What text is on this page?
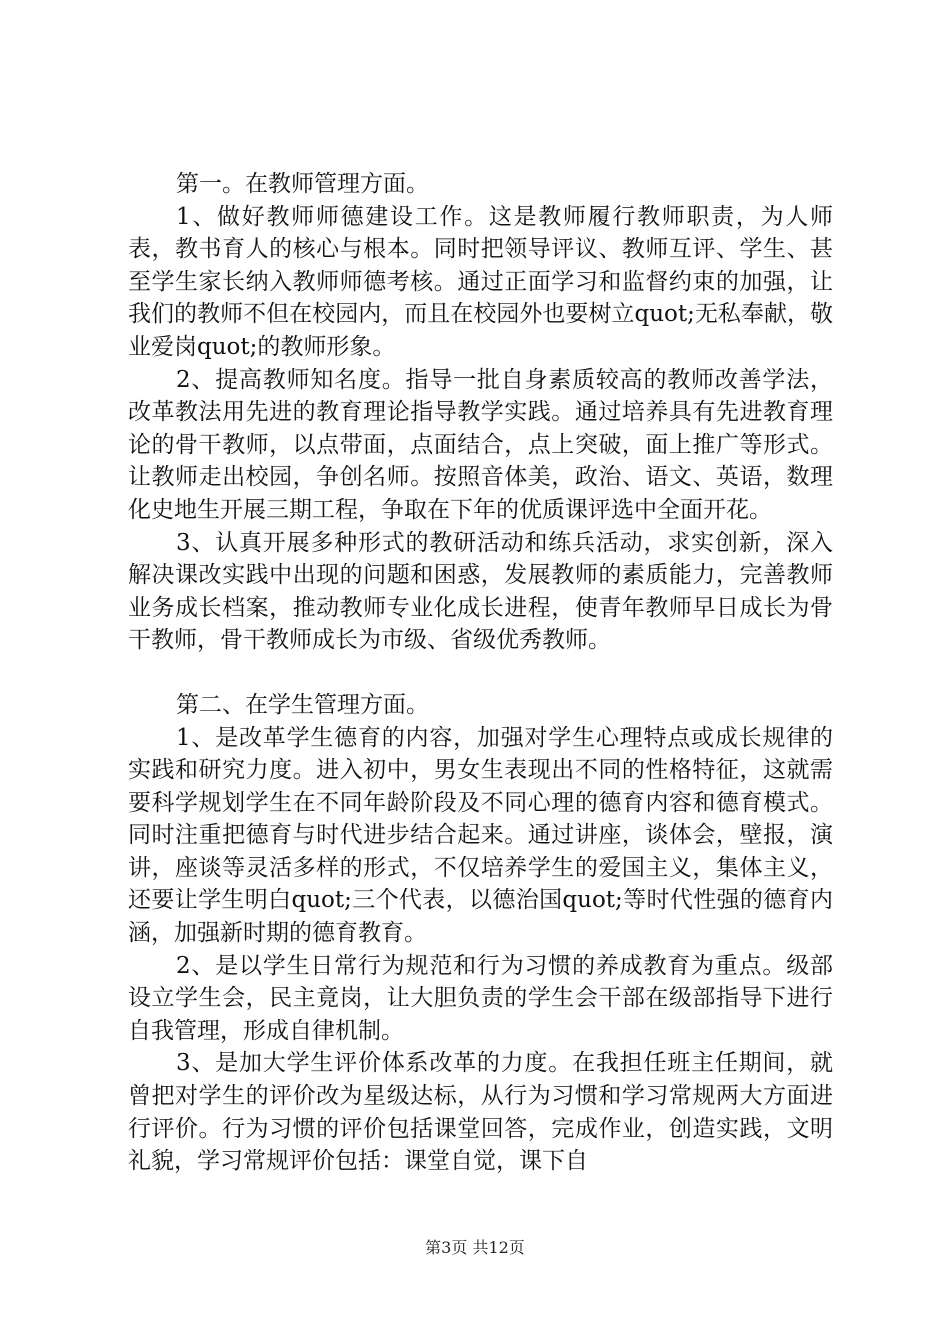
第一。在教师管理方面。

1、做好教师师德建设工作。这是教师履行教师职责，为人师表，教书育人的核心与根本。同时把领导评议、教师互评、学生、甚至学生家长纳入教师师德考核。通过正面学习和监督约束的加强，让我们的教师不但在校园内，而且在校园外也要树立quot;无私奉献，敬业爱岗quot;的教师形象。

2、提高教师知名度。指导一批自身素质较高的教师改善学法，改革教法用先进的教育理论指导教学实践。通过培养具有先进教育理论的骨干教师，以点带面，点面结合，点上突破，面上推广等形式。让教师走出校园，争创名师。按照音体美，政治、语文、英语，数理化史地生开展三期工程，争取在下年的优质课评选中全面开花。

3、认真开展多种形式的教研活动和练兵活动，求实创新，深入解决课改实践中出现的问题和困惑，发展教师的素质能力，完善教师业务成长档案，推动教师专业化成长进程，使青年教师早日成长为骨干教师，骨干教师成长为市级、省级优秀教师。

第二、在学生管理方面。

1、是改革学生德育的内容，加强对学生心理特点或成长规律的实践和研究力度。进入初中，男女生表现出不同的性格特征，这就需要科学规划学生在不同年龄阶段及不同心理的德育内容和德育模式。同时注重把德育与时代进步结合起来。通过讲座，谈体会，壁报，演讲，座谈等灵活多样的形式，不仅培养学生的爱国主义，集体主义，还要让学生明白quot;三个代表，以德治国quot;等时代性强的德育内涵，加强新时期的德育教育。

2、是以学生日常行为规范和行为习惯的养成教育为重点。级部设立学生会，民主竟岗，让大胆负责的学生会干部在级部指导下进行自我管理，形成自律机制。

3、是加大学生评价体系改革的力度。在我担任班主任期间，就曾把对学生的评价改为星级达标，从行为习惯和学习常规两大方面进行评价。行为习惯的评价包括课堂回答，完成作业，创造实践，文明礼貌，学习常规评价包括：课堂自觉，课下自

第3页 共12页
